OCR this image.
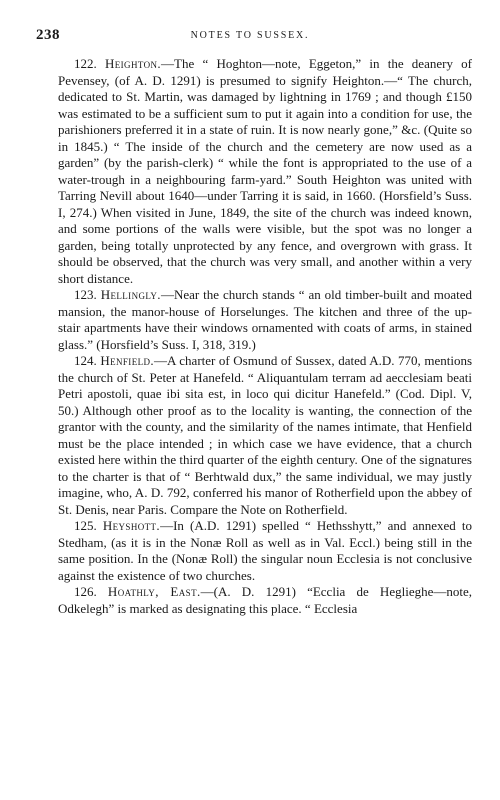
238	NOTES TO SUSSEX.

122. Heighton.—The “ Hoghton—note, Eggeton,” in the deanery of Pevensey, (of A. D. 1291) is presumed to signify Heighton.—“ The church, dedicated to St. Martin, was damaged by lightning in 1769 ; and though £150 was estimated to be a sufficient sum to put it again into a condition for use, the parishioners preferred it in a state of ruin. It is now nearly gone,” &c. (Quite so in 1845.) “ The inside of the church and the cemetery are now used as a garden” (by the parish-clerk) “ while the font is appropriated to the use of a water-trough in a neighbouring farm-yard.” South Heighton was united with Tarring Nevill about 1640—under Tarring it is said, in 1660. (Horsfield’s Suss. I, 274.) When visited in June, 1849, the site of the church was indeed known, and some portions of the walls were visible, but the spot was no longer a garden, being totally unprotected by any fence, and overgrown with grass. It should be observed, that the church was very small, and another within a very short distance.

123. Hellingly.—Near the church stands “ an old timber-built and moated mansion, the manor-house of Horselunges. The kitchen and three of the up-stair apartments have their windows ornamented with coats of arms, in stained glass.” (Horsfield’s Suss. I, 318, 319.)

124. Henfield.—A charter of Osmund of Sussex, dated A.D. 770, mentions the church of St. Peter at Hanefeld. “ Aliquantulam terram ad aecclesiam beati Petri apostoli, quae ibi sita est, in loco qui dicitur Hanefeld.” (Cod. Dipl. V, 50.) Although other proof as to the locality is wanting, the connection of the grantor with the county, and the similarity of the names intimate, that Henfield must be the place intended ; in which case we have evidence, that a church existed here within the third quarter of the eighth century. One of the signatures to the charter is that of “ Berhtwald dux,” the same individual, we may justly imagine, who, A. D. 792, conferred his manor of Rotherfield upon the abbey of St. Denis, near Paris. Compare the Note on Rotherfield.

125. Heyshott.—In (A.D. 1291) spelled “ Hethsshytt,” and annexed to Stedham, (as it is in the Nonæ Roll as well as in Val. Eccl.) being still in the same position. In the (Nonæ Roll) the singular noun Ecclesia is not conclusive against the existence of two churches.

126. Hoathly, East.—(A. D. 1291) “Ecclia de Heglieghe—note, Odkelegh” is marked as designating this place. “ Ecclesia
